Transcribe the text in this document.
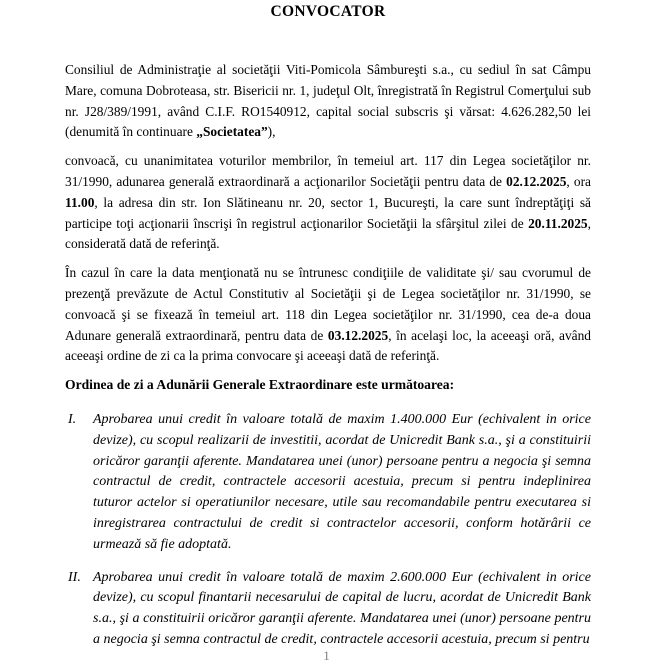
CONVOCATOR

Consiliul de Administraţie al societăţii Viti-Pomicola Sâmbureşti s.a., cu sediul în sat Câmpu Mare, comuna Dobroteasa, str. Bisericii nr. 1, judeţul Olt, înregistrată în Registrul Comerţului sub nr. J28/389/1991, având C.I.F. RO1540912, capital social subscris şi vărsat: 4.626.282,50 lei (denumită în continuare „Societatea”),

convoacă, cu unanimitatea voturilor membrilor, în temeiul art. 117 din Legea societăţilor nr. 31/1990, adunarea generală extraordinară a acţionarilor Societăţii pentru data de 02.12.2025, ora 11.00, la adresa din str. Ion Slătineanu nr. 20, sector 1, Bucureşti, la care sunt îndreptăţiţi să participe toţi acţionarii înscrişi în registrul acţionarilor Societăţii la sfârşitul zilei de 20.11.2025, considerată dată de referinţă.

În cazul în care la data menţionată nu se întrunesc condiţiile de validitate şi/ sau cvorumul de prezenţă prevăzute de Actul Constitutiv al Societăţii şi de Legea societăţilor nr. 31/1990, se convoacă şi se fixează în temeiul art. 118 din Legea societăţilor nr. 31/1990, cea de-a doua Adunare generală extraordinară, pentru data de 03.12.2025, în acelaşi loc, la aceeaşi oră, având aceeaşi ordine de zi ca la prima convocare şi aceeaşi dată de referinţă.

Ordinea de zi a Adunării Generale Extraordinare este următoarea:

I. Aprobarea unui credit în valoare totală de maxim 1.400.000 Eur (echivalent in orice devize), cu scopul realizarii de investitii, acordat de Unicredit Bank s.a., şi a constituirii oricăror garanţii aferente. Mandatarea unei (unor) persoane pentru a negocia şi semna contractul de credit, contractele accesorii acestuia, precum si pentru indeplinirea tuturor actelor si operatiunilor necesare, utile sau recomandabile pentru executarea si inregistrarea contractului de credit si contractelor accesorii, conform hotărârii ce urmează să fie adoptată.
II. Aprobarea unui credit în valoare totală de maxim 2.600.000 Eur (echivalent in orice devize), cu scopul finantarii necesarului de capital de lucru, acordat de Unicredit Bank s.a., şi a constituirii oricăror garanţii aferente. Mandatarea unei (unor) persoane pentru a negocia şi semna contractul de credit, contractele accesorii acestuia, precum si pentru
1
